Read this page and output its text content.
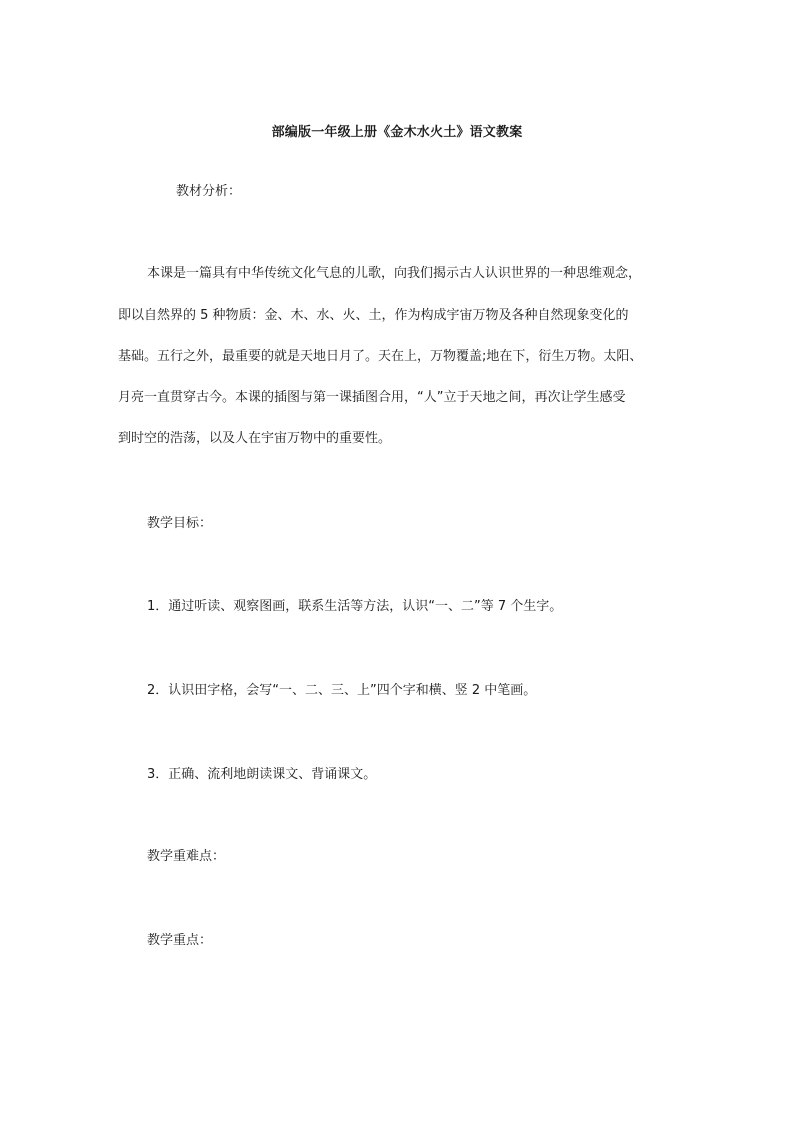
部编版一年级上册《金木水火土》语文教案
教材分析：
本课是一篇具有中华传统文化气息的儿歌，向我们揭示古人认识世界的一种思维观念，
即以自然界的 5 种物质：金、木、水、火、土，作为构成宇宙万物及各种自然现象变化的
基础。五行之外，最重要的就是天地日月了。天在上，万物覆盖;地在下，衍生万物。太阳、
月亮一直贯穿古今。本课的插图与第一课插图合用，“人”立于天地之间，再次让学生感受
到时空的浩荡，以及人在宇宙万物中的重要性。
教学目标：
1．通过听读、观察图画，联系生活等方法，认识“一、二”等 7 个生字。
2．认识田字格，会写“一、二、三、上”四个字和横、竖 2 中笔画。
3．正确、流利地朗读课文、背诵课文。
教学重难点：
教学重点：
